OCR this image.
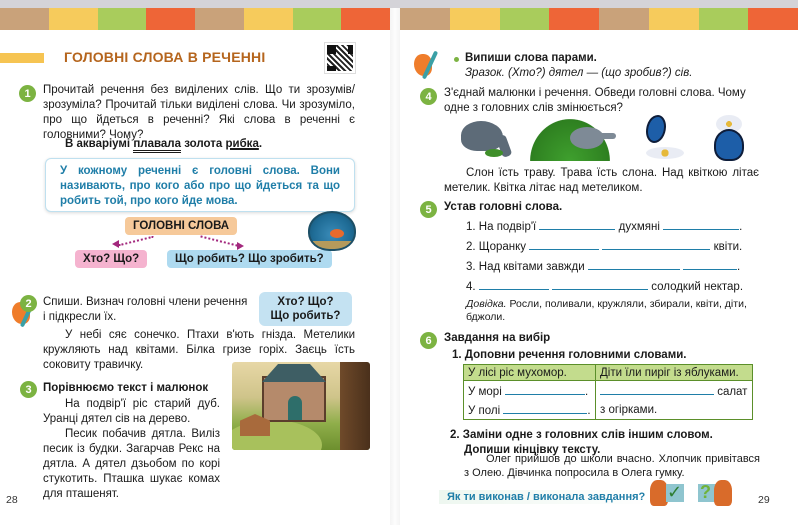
ГОЛОВНІ СЛОВА В РЕЧЕННІ
1	Прочитай речення без виділених слів. Що ти зрозумів/зрозуміла? Прочитай тільки виділені слова. Чи зрозуміло, про що йдеться в реченні? Які слова в реченні є головними? Чому?
В акваріумі плавала золота рибка.
У кожному реченні є головні слова. Вони називають, про кого або про що йдеться та що робить той, про кого йде мова.
ГОЛОВНІ СЛОВА
Хто? Що?	Що робить? Що зробить?
2 Спиши. Визнач головні члени речення і підкресли їх.
Хто? Що?
Що робить?
У небі сяє сонечко. Птахи в'ють гнізда. Метелики кружляють над квітами. Білка гризе горіх. Заєць їсть соковиту травичку.
3 Порівнюємо текст і малюнок
На подвір'ї ріс старий дуб. Уранці дятел сів на дерево.
Песик побачив дятла. Виліз песик із будки. Загарчав Рекс на дятла. А дятел дзьобом по корі стукотить. Пташка шукає комах для пташенят.
28
Випиши слова парами.
Зразок. (Хто?) дятел — (що зробив?) сів.
4	З'єднай малюнки і речення. Обведи головні слова. Чому одне з головних слів змінюється?
Слон їсть траву. Трава їсть слона. Над квіткою літає метелик. Квітка літає над метеликом.
5	Устав головні слова.
1. На подвір'ї	духмяні	.
2. Щоранку	квіти.
3. Над квітами завжди	.
4.	солодкий нектар.
Довідка. Росли, поливали, кружляли, збирали, квіти, діти, бджоли.
6	Завдання на вибір
1. Доповни речення головними словами.
У лісі ріс мухомор.	Діти їли пиріг із яблуками.
У морі .	салат
У полі .	з огірками.
2. Заміни одне з головних слів іншим словом. Допиши кінцівку тексту.
Олег прийшов до школи вчасно. Хлопчик привітався з Олею. Дівчинка попросила в Олега гумку.
Як ти виконав / виконала завдання?	✓ ?	29
